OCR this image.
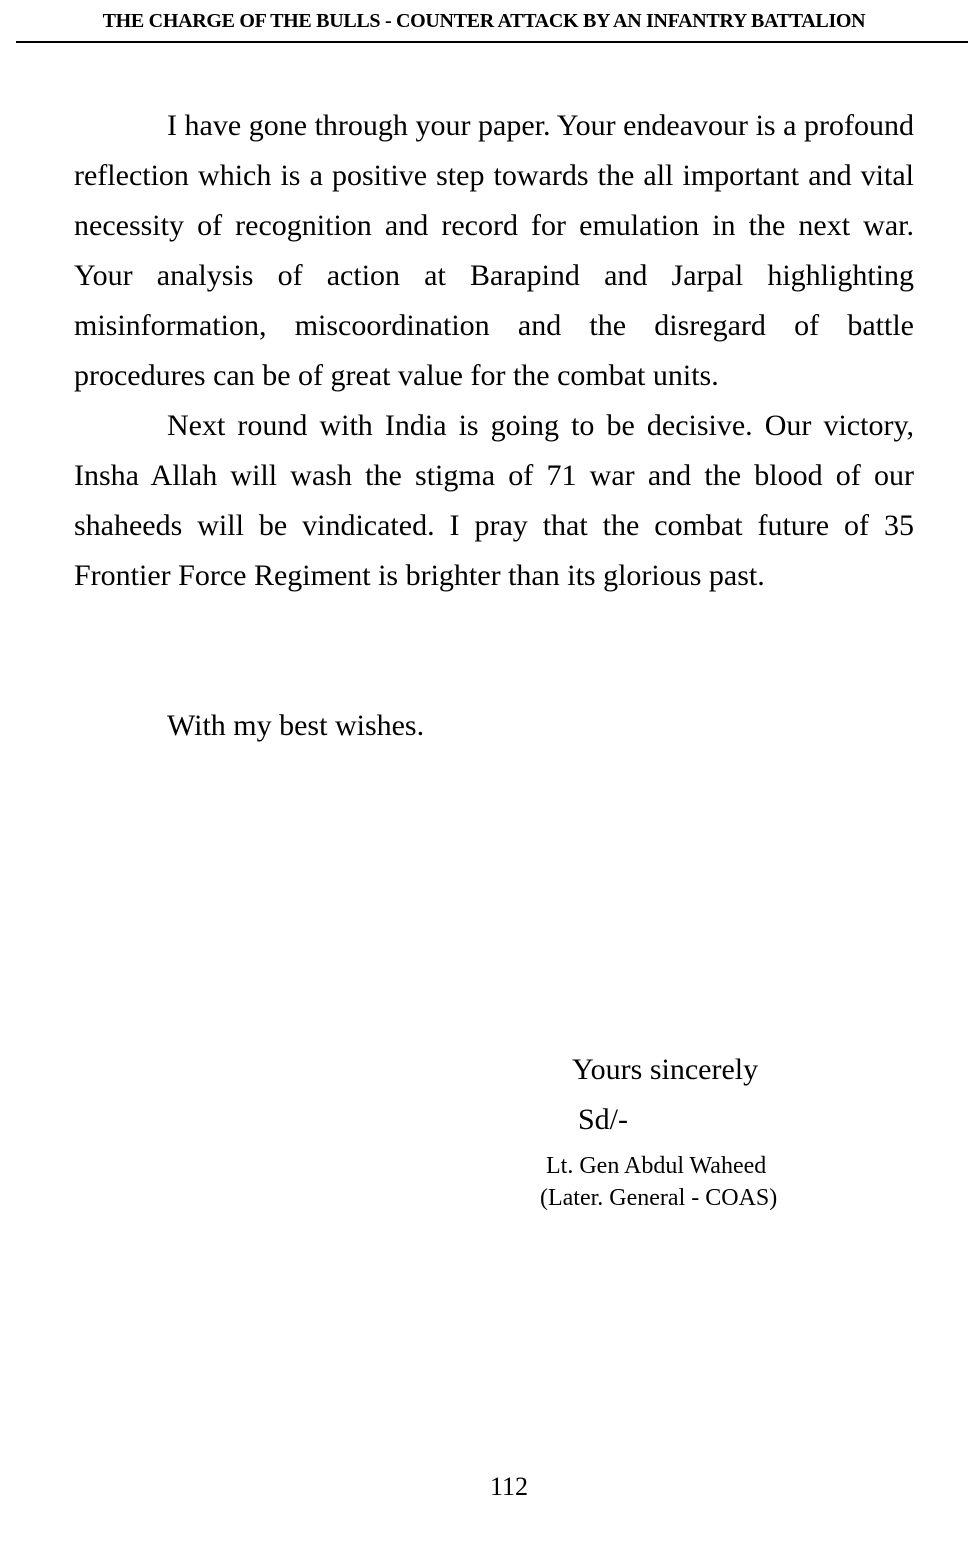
THE CHARGE OF THE BULLS - COUNTER ATTACK BY AN INFANTRY BATTALION

I have gone through your paper. Your endeavour is a profound reflection which is a positive step towards the all important and vital necessity of recognition and record for emulation in the next war. Your analysis of action at Barapind and Jarpal highlighting misinformation, miscoordination and the disregard of battle procedures can be of great value for the combat units.

Next round with India is going to be decisive. Our victory, Insha Allah will wash the stigma of 71 war and the blood of our shaheeds will be vindicated. I pray that the combat future of 35 Frontier Force Regiment is brighter than its glorious past.

With my best wishes.

Yours sincerely
Sd/-
Lt. Gen Abdul Waheed
(Later. General - COAS)
112
